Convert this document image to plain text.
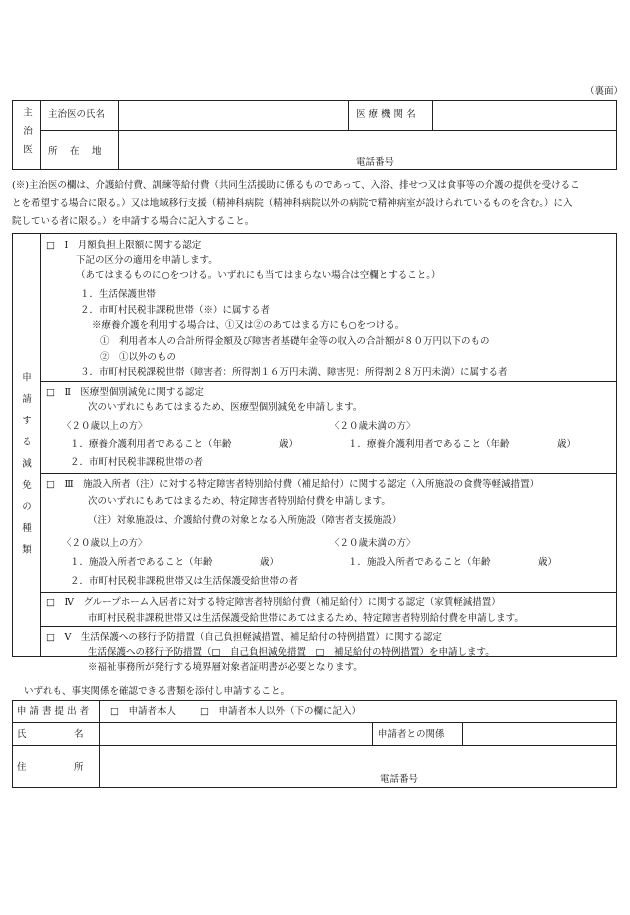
（裏面）
主治医 主治医の氏名	医 療 機 関 名
所　 在　 地
電話番号
(※)主治医の欄は、介護給付費、訓練等給付費（共同生活援助に係るものであって、入浴、排せつ又は食事等の介護の提供を受けるこ
とを希望する場合に限る。）又は地域移行支援（精神科病院（精神科病院以外の病院で精神病室が設けられているものを含む。）に入
院している者に限る。）を申請する場合に記入すること。
申請する減免の種類
□　Ⅰ　月額負担上限額に関する認定
下記の区分の適用を申請します。
（あてはまるものに○をつける。いずれにも当てはまらない場合は空欄とすること。）
１．生活保護世帯
２．市町村民税非課税世帯（※）に属する者
※療養介護を利用する場合は、①又は②のあてはまる方にも○をつける。
①　利用者本人の合計所得金額及び障害者基礎年金等の収入の合計額が８０万円以下のもの
②　①以外のもの
３．市町村民税課税世帯（障害者：所得割１６万円未満、障害児：所得割２８万円未満）に属する者
□　Ⅱ　医療型個別減免に関する認定
次のいずれにもあてはまるため、医療型個別減免を申請します。
〈２０歳以上の方〉	〈２０歳未満の方〉
１．療養介護利用者であること（年齢　　　　　歳）	１．療養介護利用者であること（年齢　　　　　歳）
２．市町村民税非課税世帯の者
□　Ⅲ　施設入所者（注）に対する特定障害者特別給付費（補足給付）に関する認定（入所施設の食費等軽減措置）
次のいずれにもあてはまるため、特定障害者特別給付費を申請します。
（注）対象施設は、介護給付費の対象となる入所施設（障害者支援施設）
〈２０歳以上の方〉	〈２０歳未満の方〉
１．施設入所者であること（年齢　　　　　歳）	１．施設入所者であること（年齢　　　　　歳）
２．市町村民税非課税世帯又は生活保護受給世帯の者
□　Ⅳ　グループホーム入居者に対する特定障害者特別給付費（補足給付）に関する認定（家賃軽減措置）
市町村民税非課税世帯又は生活保護受給世帯にあてはまるため、特定障害者特別給付費を申請します。
□　Ⅴ　生活保護への移行予防措置（自己負担軽減措置、補足給付の特例措置）に関する認定
生活保護への移行予防措置（□　自己負担減免措置　□　補足給付の特例措置）を申請します。
※福祉事務所が発行する境界層対象者証明書が必要となります。
いずれも、事実関係を確認できる書類を添付し申請すること。
申 請 書 提 出 者 □　申請者本人	□　申請者本人以外（下の欄に記入）
氏　　　　　名	申請者との関係
住　　　　　所
電話番号
